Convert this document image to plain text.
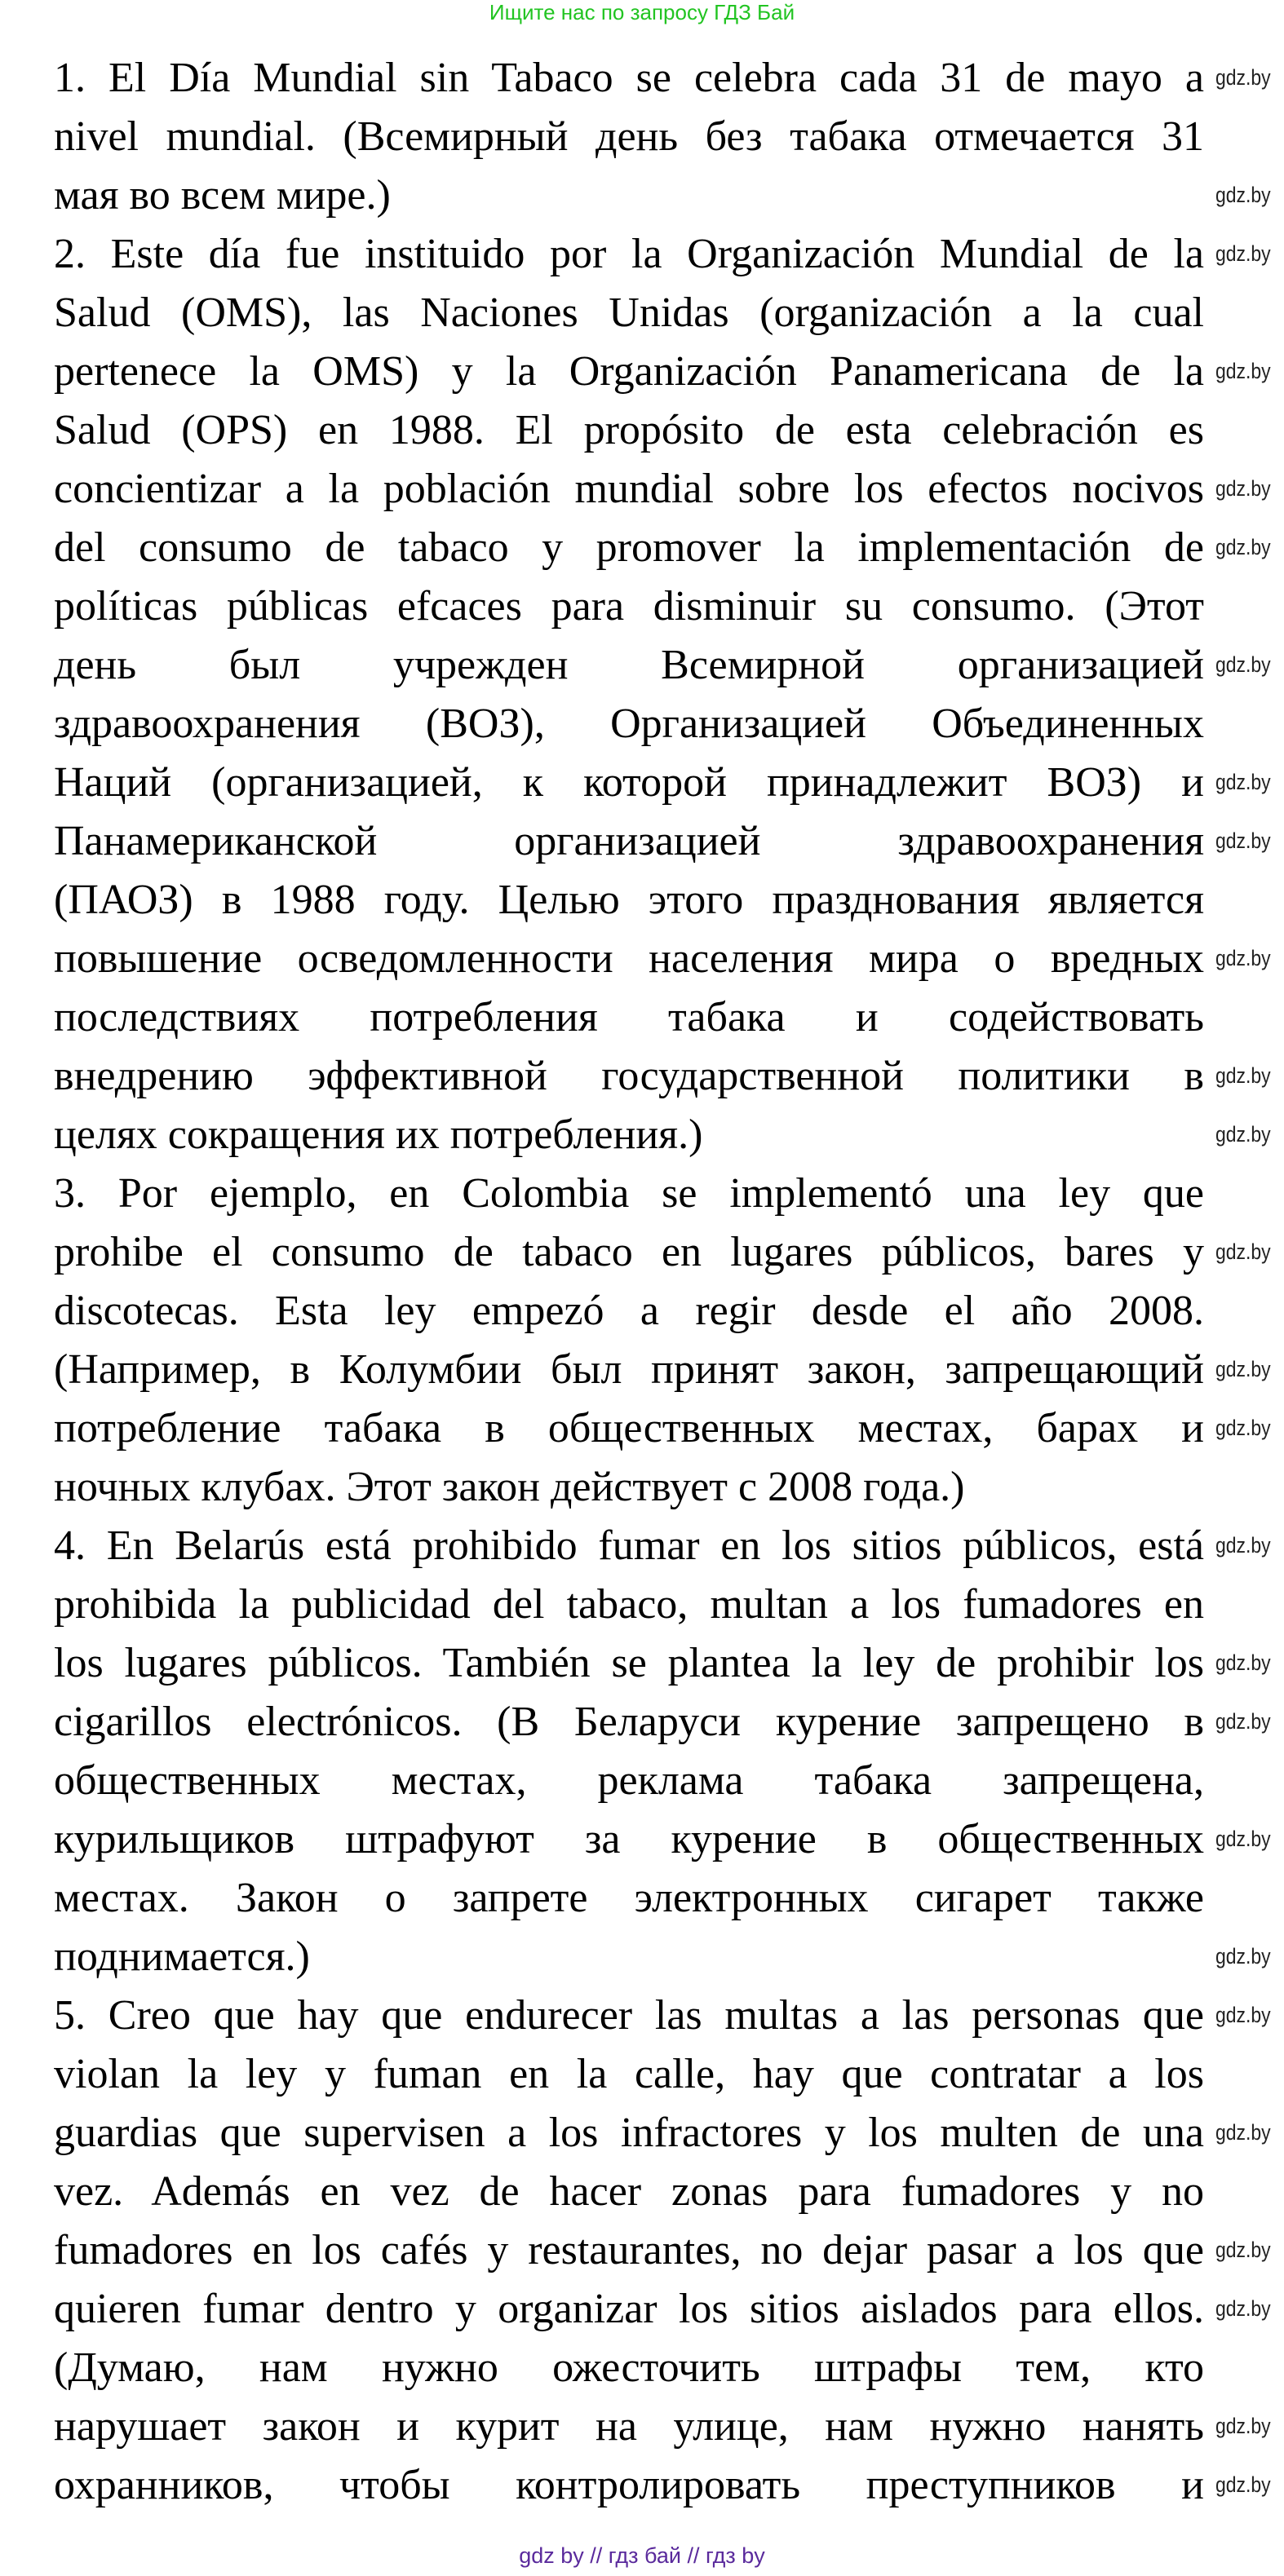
Ищите нас по запросу ГДЗ Бай
1. El Día Mundial sin Tabaco se celebra cada 31 de mayo a
nivel mundial. (Всемирный день без табака отмечается 31
мая во всем мире.)
2. Este día fue instituido por la Organización Mundial de la
Salud (OMS), las Naciones Unidas (organización a la cual
pertenece la OMS) y la Organización Panamericana de la
Salud (OPS) en 1988. El propósito de esta celebración es
concientizar a la población mundial sobre los efectos nocivos
del consumo de tabaco y promover la implementación de
políticas públicas efcaces para disminuir su consumo. (Этот
день был учрежден Всемирной организацией
здравоохранения (ВОЗ), Организацией Объединенных
Наций (организацией, к которой принадлежит ВОЗ) и
Панамериканской организацией здравоохранения
(ПАОЗ) в 1988 году. Целью этого празднования является
повышение осведомленности населения мира о вредных
последствиях потребления табака и содействовать
внедрению эффективной государственной политики в
целях сокращения их потребления.)
3. Por ejemplo, en Colombia se implementó una ley que
prohibe el consumo de tabaco en lugares públicos, bares y
discotecas. Esta ley empezó a regir desde el año 2008.
(Например, в Колумбии был принят закон, запрещающий
потребление табака в общественных местах, барах и
ночных клубах. Этот закон действует с 2008 года.)
4. En Belarús está prohibido fumar en los sitios públicos, está
prohibida la publicidad del tabaco, multan a los fumadores en
los lugares públicos. También se plantea la ley de prohibir los
cigarillos electrónicos. (В Беларуси курение запрещено в
общественных местах, реклама табака запрещена,
курильщиков штрафуют за курение в общественных
местах. Закон о запрете электронных сигарет также
поднимается.)
5. Creo que hay que endurecer las multas a las personas que
violan la ley y fuman en la calle, hay que contratar a los
guardias que supervisen a los infractores y los multen de una
vez. Además en vez de hacer zonas para fumadores y no
fumadores en los cafés y restaurantes, no dejar pasar a los que
quieren fumar dentro y organizar los sitios aislados para ellos.
(Думаю, нам нужно ожесточить штрафы тем, кто
нарушает закон и курит на улице, нам нужно нанять
охранников, чтобы контролировать преступников и
gdz.by
gdz.by
gdz.by
gdz.by
gdz.by
gdz.by
gdz.by
gdz.by
gdz.by
gdz.by
gdz.by
gdz.by
gdz.by
gdz.by
gdz.by
gdz.by
gdz.by
gdz.by
gdz.by
gdz.by
gdz.by
gdz.by
gdz.by
gdz.by
gdz.by
gdz.by
gdz by // гдз бай // гдз by
